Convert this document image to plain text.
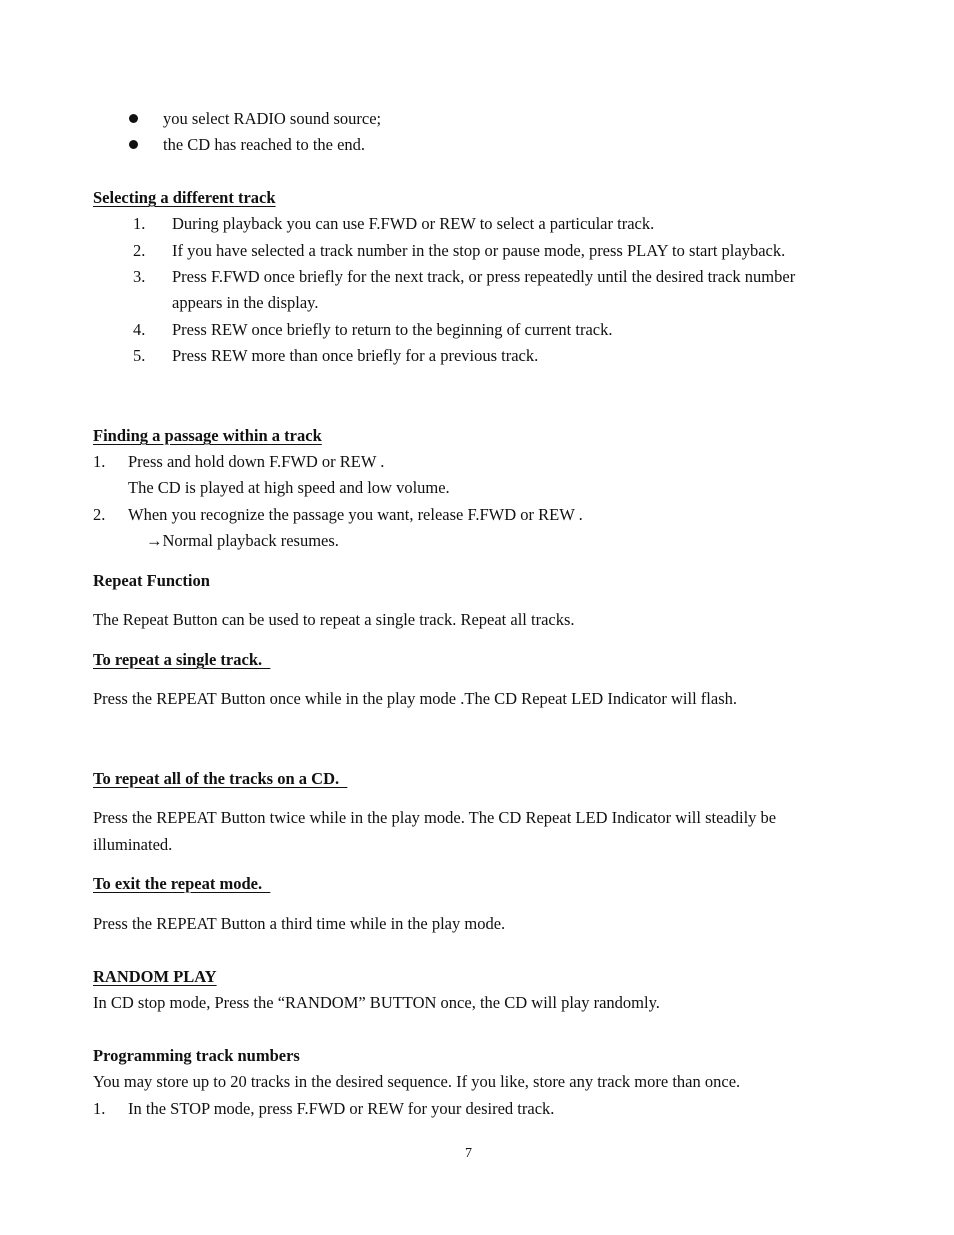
you select RADIO sound source;
the CD has reached to the end.
Selecting a different track
1. During playback you can use F.FWD or REW to select a particular track.
2. If you have selected a track number in the stop or pause mode, press PLAY to start playback.
3. Press F.FWD once briefly for the next track, or press repeatedly until the desired track number
appears in the display.
4. Press REW once briefly to return to the beginning of current track.
5. Press REW more than once briefly for a previous track.
Finding a passage within a track
1. Press and hold down F.FWD or REW .
The CD is played at high speed and low volume.
2. When you recognize the passage you want, release F.FWD or REW .
→Normal playback resumes.
Repeat Function
The Repeat Button can be used to repeat a single track. Repeat all tracks.
To repeat a single track.
Press the REPEAT Button once while in the play mode .The CD Repeat LED Indicator will flash.
To repeat all of the tracks on a CD.
Press the REPEAT Button twice while in the play mode. The CD Repeat LED Indicator will steadily be
illuminated.
To exit the repeat mode.
Press the REPEAT Button a third time while in the play mode.
RANDOM PLAY
In CD stop mode, Press the “RANDOM” BUTTON once, the CD will play randomly.
Programming track numbers
You may store up to 20 tracks in the desired sequence. If you like, store any track more than once.
1. In the STOP mode, press F.FWD or REW for your desired track.
7
